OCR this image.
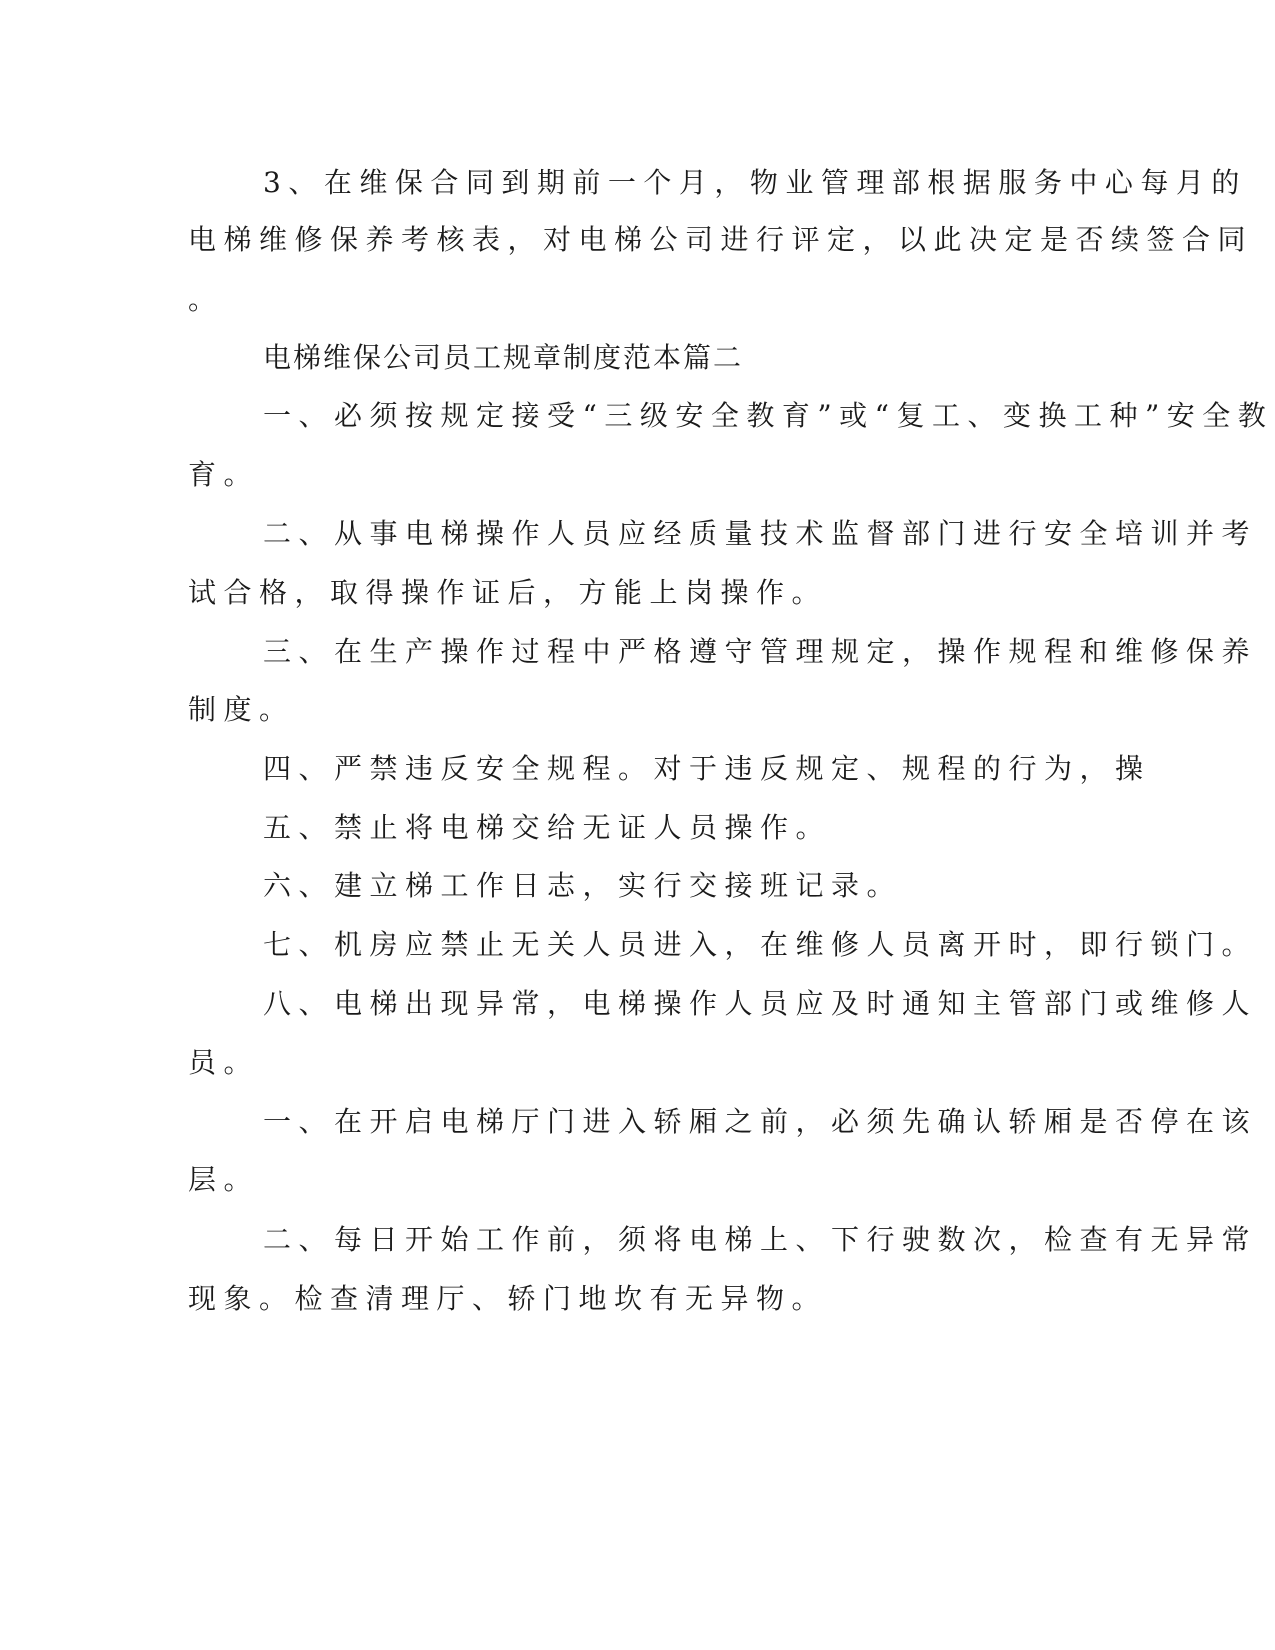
3、在维保合同到期前一个月，物业管理部根据服务中心每月的
电梯维修保养考核表，对电梯公司进行评定，以此决定是否续签合同
。
电梯维保公司员工规章制度范本篇二
一、必须按规定接受“三级安全教育”或“复工、变换工种”安全教
育。
二、从事电梯操作人员应经质量技术监督部门进行安全培训并考
试合格，取得操作证后，方能上岗操作。
三、在生产操作过程中严格遵守管理规定，操作规程和维修保养
制度。
四、严禁违反安全规程。对于违反规定、规程的行为，操
五、禁止将电梯交给无证人员操作。
六、建立梯工作日志，实行交接班记录。
七、机房应禁止无关人员进入，在维修人员离开时，即行锁门。
八、电梯出现异常，电梯操作人员应及时通知主管部门或维修人
员。
一、在开启电梯厅门进入轿厢之前，必须先确认轿厢是否停在该
层。
二、每日开始工作前，须将电梯上、下行驶数次，检查有无异常
现象。检查清理厅、轿门地坎有无异物。
